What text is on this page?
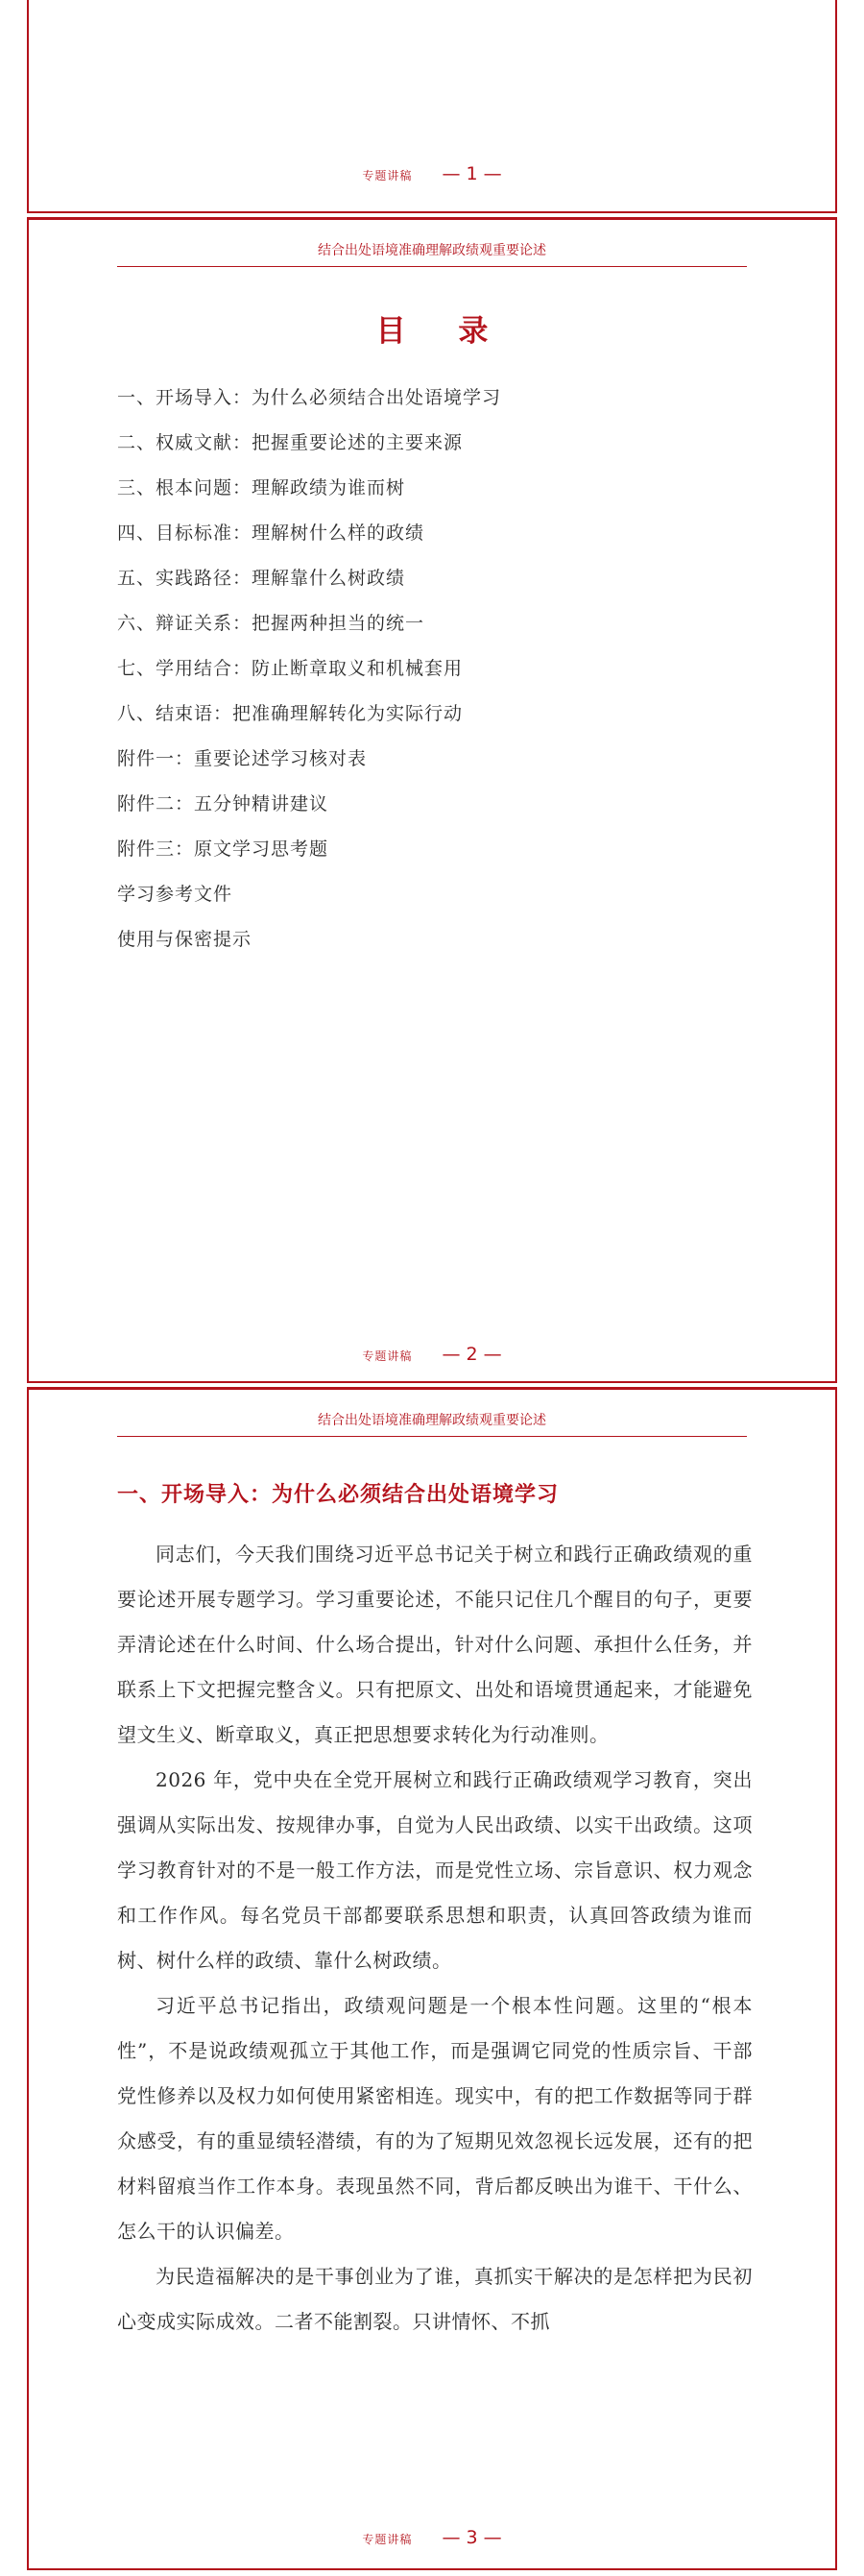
专题讲稿 — 1 —
结合出处语境准确理解政绩观重要论述
目 录
一、开场导入：为什么必须结合出处语境学习
二、权威文献：把握重要论述的主要来源
三、根本问题：理解政绩为谁而树
四、目标标准：理解树什么样的政绩
五、实践路径：理解靠什么树政绩
六、辩证关系：把握两种担当的统一
七、学用结合：防止断章取义和机械套用
八、结束语：把准确理解转化为实际行动
附件一：重要论述学习核对表
附件二：五分钟精讲建议
附件三：原文学习思考题
学习参考文件
使用与保密提示
专题讲稿 — 2 —
结合出处语境准确理解政绩观重要论述
一、开场导入：为什么必须结合出处语境学习

同志们，今天我们围绕习近平总书记关于树立和践行正确政绩观的重要论述开展专题学习。学习重要论述，不能只记住几个醒目的句子，更要弄清论述在什么时间、什么场合提出，针对什么问题、承担什么任务，并联系上下文把握完整含义。只有把原文、出处和语境贯通起来，才能避免望文生义、断章取义，真正把思想要求转化为行动准则。

2026 年，党中央在全党开展树立和践行正确政绩观学习教育，突出强调从实际出发、按规律办事，自觉为人民出政绩、以实干出政绩。这项学习教育针对的不是一般工作方法，而是党性立场、宗旨意识、权力观念和工作作风。每名党员干部都要联系思想和职责，认真回答政绩为谁而树、树什么样的政绩、靠什么树政绩。

习近平总书记指出，政绩观问题是一个根本性问题。这里的“根本性”，不是说政绩观孤立于其他工作，而是强调它同党的性质宗旨、干部党性修养以及权力如何使用紧密相连。现实中，有的把工作数据等同于群众感受，有的重显绩轻潜绩，有的为了短期见效忽视长远发展，还有的把材料留痕当作工作本身。表现虽然不同，背后都反映出为谁干、干什么、怎么干的认识偏差。

为民造福解决的是干事创业为了谁，真抓实干解决的是怎样把为民初心变成实际成效。二者不能割裂。只讲情怀、不抓

专题讲稿 — 3 —
